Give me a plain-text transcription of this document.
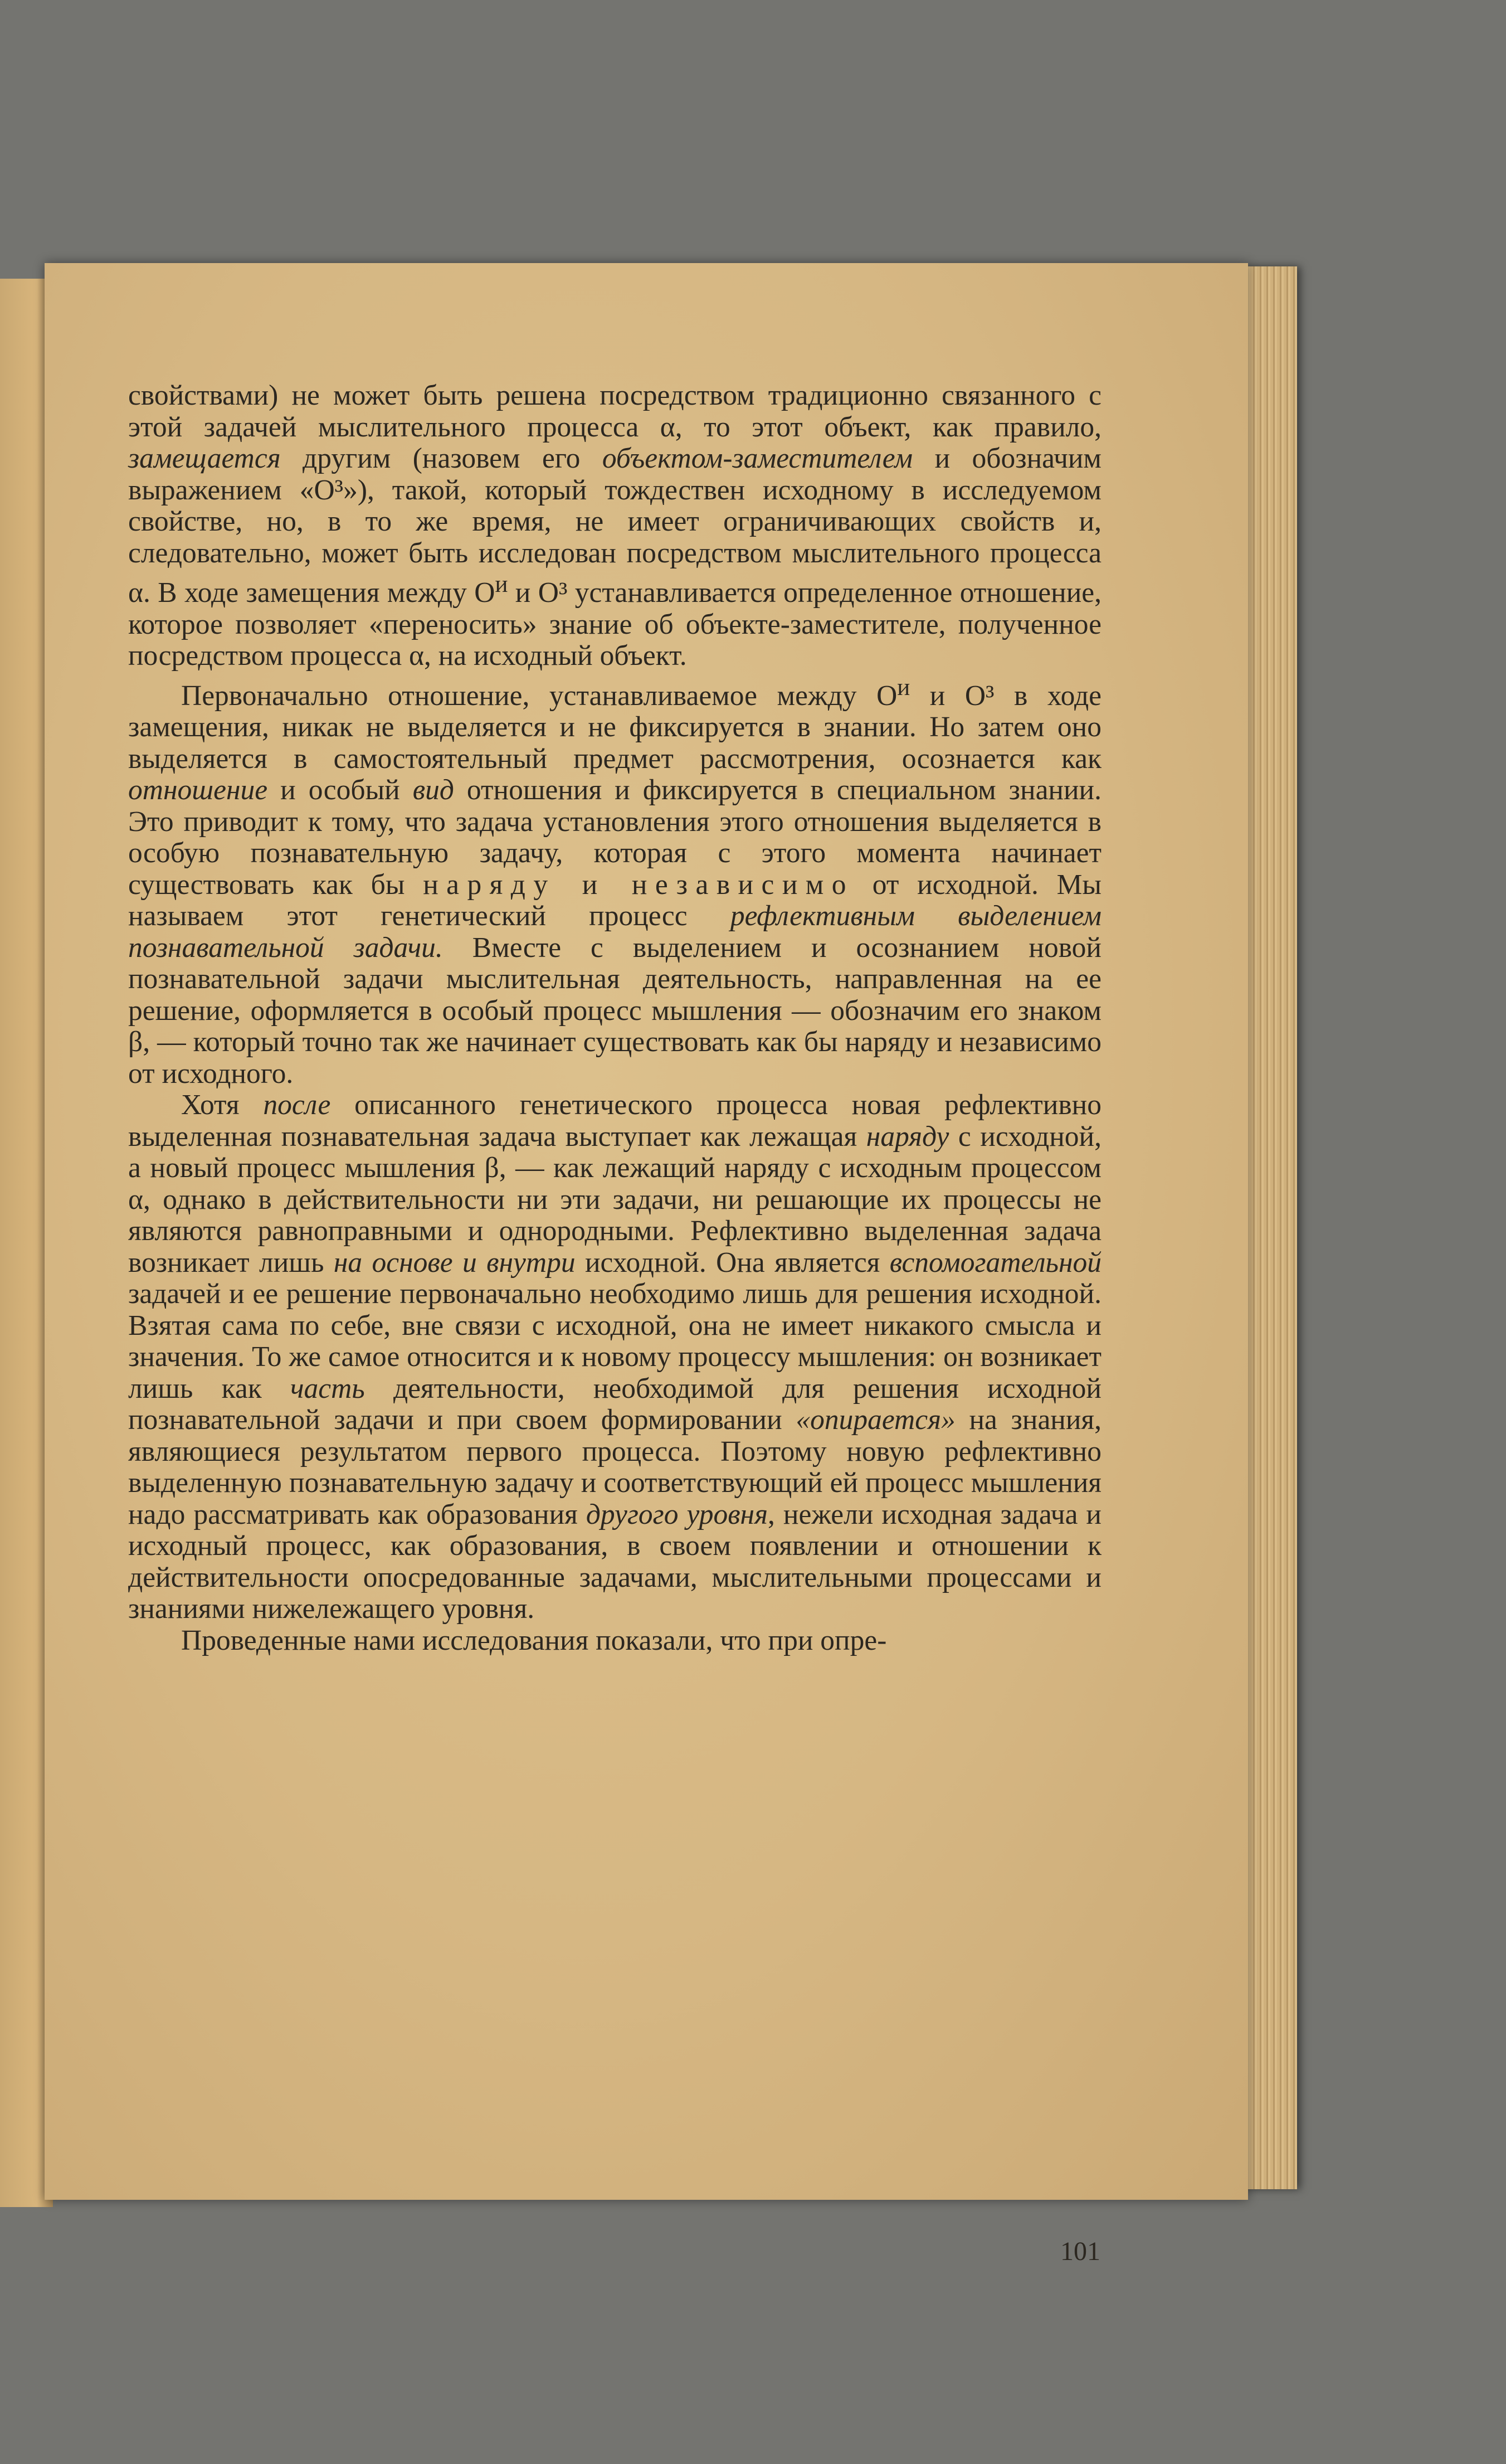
свойствами) не может быть решена посредством традиционно связанного с этой задачей мыслительного процесса α, то этот объект, как правило, замещается другим (назовем его объектом-заместителем и обозначим выражением «O³»), такой, который тождествен исходному в исследуемом свойстве, но, в то же время, не имеет ограничивающих свойств и, следовательно, может быть исследован посредством мыслительного процесса α. В ходе замещения между $O^и$ и O³ устанавливается определенное отношение, которое позволяет «переносить» знание об объекте-заместителе, полученное посредством процесса α, на исходный объект.

Первоначально отношение, устанавливаемое между $O^и$ и O³ в ходе замещения, никак не выделяется и не фиксируется в знании. Но затем оно выделяется в самостоятельный предмет рассмотрения, осознается как отношение и особый вид отношения и фиксируется в специальном знании. Это приводит к тому, что задача установления этого отношения выделяется в особую познавательную задачу, которая с этого момента начинает существовать как бы наряду и независимо от исходной. Мы называем этот генетический процесс рефлективным выделением познавательной задачи. Вместе с выделением и осознанием новой познавательной задачи мыслительная деятельность, направленная на ее решение, оформляется в особый процесс мышления — обозначим его знаком β, — который точно так же начинает существовать как бы наряду и независимо от исходного.

Хотя после описанного генетического процесса новая рефлективно выделенная познавательная задача выступает как лежащая наряду с исходной, а новый процесс мышления β, — как лежащий наряду с исходным процессом α, однако в действительности ни эти задачи, ни решающие их процессы не являются равноправными и однородными. Рефлективно выделенная задача возникает лишь на основе и внутри исходной. Она является вспомогательной задачей и ее решение первоначально необходимо лишь для решения исходной. Взятая сама по себе, вне связи с исходной, она не имеет никакого смысла и значения. То же самое относится и к новому процессу мышления: он возникает лишь как часть деятельности, необходимой для решения исходной познавательной задачи и при своем формировании «опирается» на знания, являющиеся результатом первого процесса. Поэтому новую рефлективно выделенную познавательную задачу и соответствующий ей процесс мышления надо рассматривать как образования другого уровня, нежели исходная задача и исходный процесс, как образования, в своем появлении и отношении к действительности опосредованные задачами, мыслительными процессами и знаниями нижележащего уровня.

Проведенные нами исследования показали, что при опре-

101
